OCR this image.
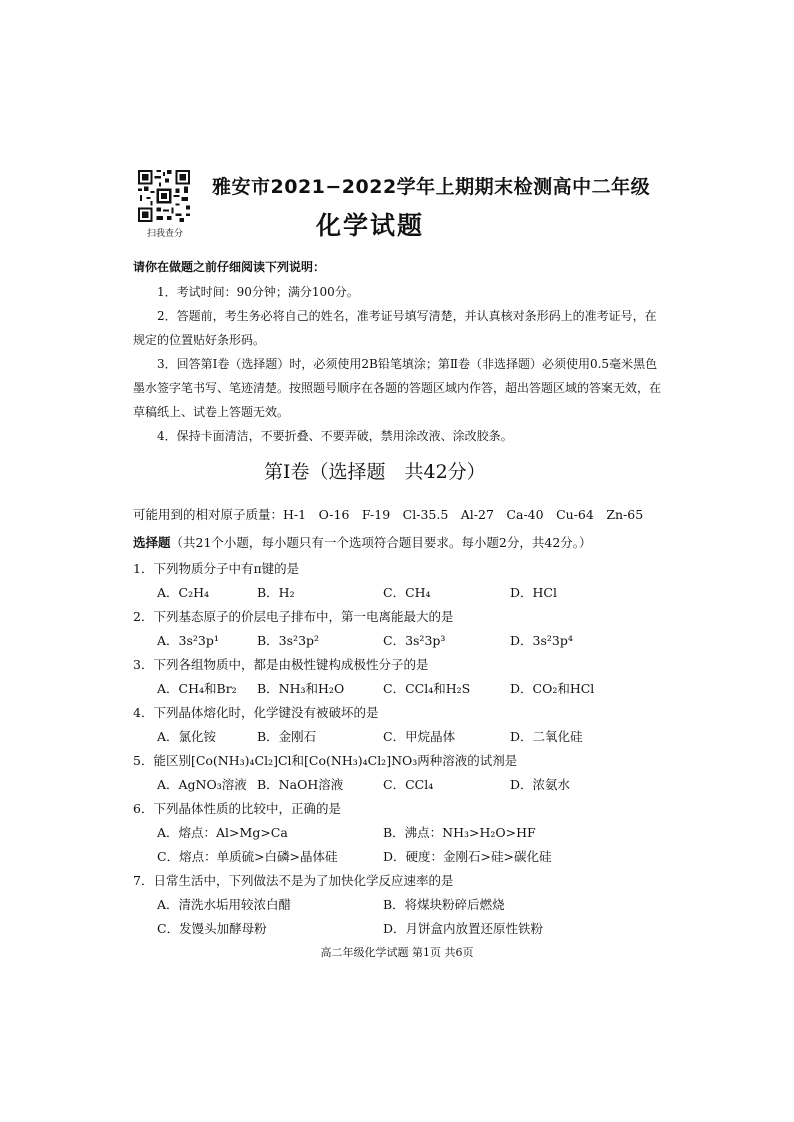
扫我查分
雅安市2021−2022学年上期期末检测高中二年级
化学试题
请你在做题之前仔细阅读下列说明：
1．考试时间：90分钟；满分100分。
2．答题前，考生务必将自己的姓名，准考证号填写清楚，并认真核对条形码上的准考证号，在规定的位置贴好条形码。
3．回答第Ⅰ卷（选择题）时，必须使用2B铅笔填涂；第Ⅱ卷（非选择题）必须使用0.5毫米黑色墨水签字笔书写、笔迹清楚。按照题号顺序在各题的答题区域内作答，超出答题区域的答案无效，在草稿纸上、试卷上答题无效。
4．保持卡面清洁，不要折叠、不要弄破，禁用涂改液、涂改胶条。
第Ⅰ卷（选择题　共42分）
可能用到的相对原子质量：H-1　O-16　F-19　Cl-35.5　Al-27　Ca-40　Cu-64　Zn-65
选择题（共21个小题，每小题只有一个选项符合题目要求。每小题2分，共42分。）
1．下列物质分子中有π键的是
A．C₂H₄	B．H₂	C．CH₄	D．HCl
2．下列基态原子的价层电子排布中，第一电离能最大的是
A．3s²3p¹	B．3s²3p²	C．3s²3p³	D．3s²3p⁴
3．下列各组物质中，都是由极性键构成极性分子的是
A．CH₄和Br₂ B．NH₃和H₂O	C．CCl₄和H₂S	D．CO₂和HCl
4．下列晶体熔化时，化学键没有被破坏的是
A．氯化铵	B．金刚石	C．甲烷晶体	D．二氧化硅
5．能区别[Co(NH₃)₄Cl₂]Cl和[Co(NH₃)₄Cl₂]NO₃两种溶液的试剂是
A．AgNO₃溶液 B．NaOH溶液	C．CCl₄	D．浓氨水
6．下列晶体性质的比较中，正确的是
A．熔点：Al>Mg>Ca	B．沸点：NH₃>H₂O>HF
C．熔点：单质硫>白磷>晶体硅	D．硬度：金刚石>硅>碳化硅
7．日常生活中，下列做法不是为了加快化学反应速率的是
A．清洗水垢用较浓白醋	B．将煤块粉碎后燃烧
C．发馒头加酵母粉	D．月饼盒内放置还原性铁粉
高二年级化学试题 第1页 共6页
